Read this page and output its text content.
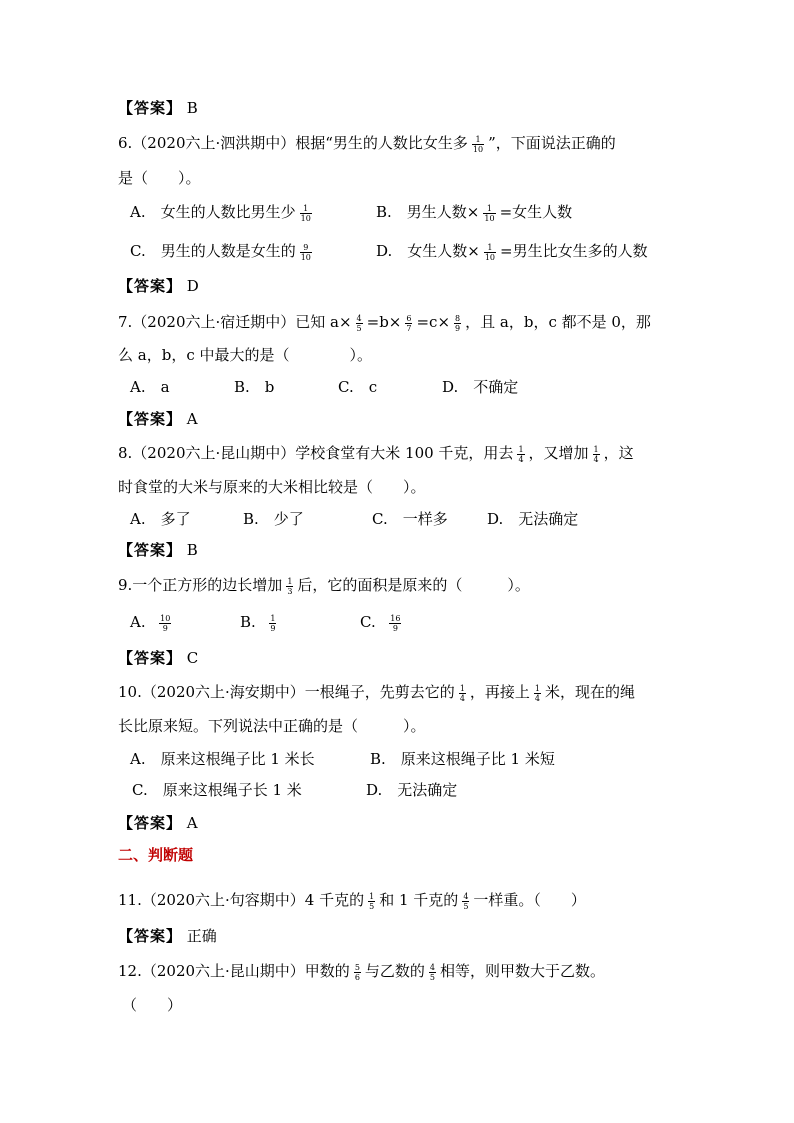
【答案】 B
6.（2020六上·泗洪期中）根据“男生的人数比女生多 $\frac{1}{10}$ ”，下面说法正确的
是（　　）。
A.　女生的人数比男生少 $\frac{1}{10}$	B.　男生人数× $\frac{1}{10}$ =女生人数
C.　男生的人数是女生的 $\frac{9}{10}$	D.　女生人数× $\frac{1}{10}$ =男生比女生多的人数
【答案】 D
7.（2020六上·宿迁期中）已知 $a\times \frac{4}{5} =b\times \frac{6}{7} =c\times \frac{8}{9}$ ，且 a，b，c 都不是 0，那
么 a，b，c 中最大的是（　　　　）。
A.　a	B.　b	C.　c	D.　不确定
【答案】 A
8.（2020六上·昆山期中）学校食堂有大米 100 千克，用去 $\frac{1}{4}$ ，又增加 $\frac{1}{4}$ ，这
时食堂的大米与原来的大米相比较是（　　）。
A.　多了	B.　少了	C.　一样多	D.　无法确定
【答案】 B
9.一个正方形的边长增加 $\frac{1}{3}$ 后，它的面积是原来的（　　　）。
A. $\frac{10}{9}$	B. $\frac{1}{9}$	C. $\frac{16}{9}$
【答案】 C
10.（2020六上·海安期中）一根绳子，先剪去它的 $\frac{1}{4}$ ，再接上 $\frac{1}{4}$ 米，现在的绳
长比原来短。下列说法中正确的是（　　　）。
A.　原来这根绳子比 1 米长	B.　原来这根绳子比 1 米短
C.　原来这根绳子长 1 米	D.　无法确定
【答案】 A
二、判断题
11.（2020六上·句容期中）4 千克的 $\frac{1}{5}$ 和 1 千克的 $\frac{4}{5}$ 一样重。（　　）
【答案】 正确
12.（2020六上·昆山期中）甲数的 $\frac{5}{6}$ 与乙数的 $\frac{4}{5}$ 相等，则甲数大于乙数。
（　　）
